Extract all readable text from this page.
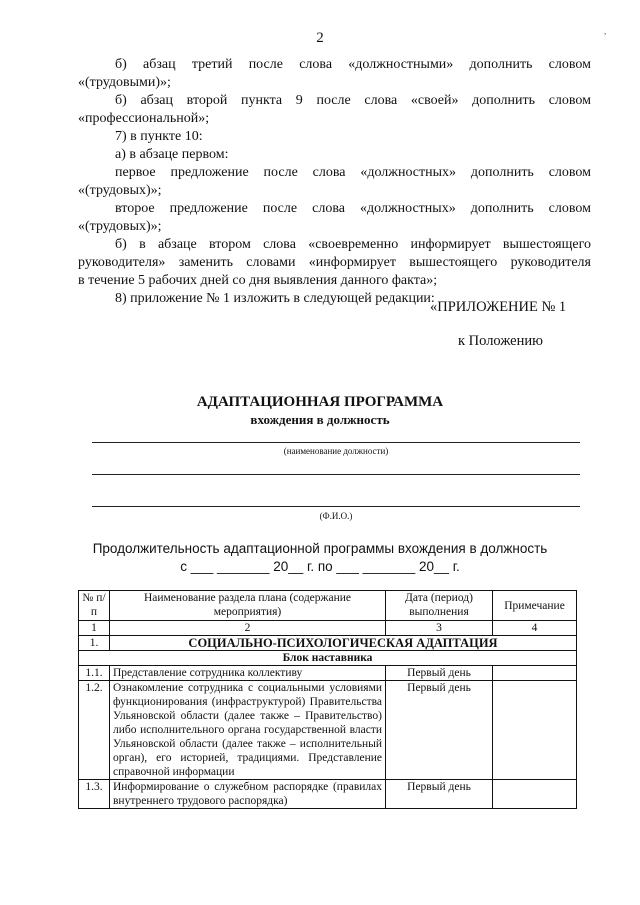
2	,
б) абзац третий после слова «должностными» дополнить словом
«(трудовыми)»;
б) абзац второй пункта 9 после слова «своей» дополнить словом
«профессиональной»;
7) в пункте 10:
а) в абзаце первом:
первое предложение после слова «должностных» дополнить словом
«(трудовых)»;
второе предложение после слова «должностных» дополнить словом
«(трудовых)»;
б) в абзаце втором слова «своевременно информирует вышестоящего
руководителя» заменить словами «информирует вышестоящего руководителя
в течение 5 рабочих дней со дня выявления данного факта»;
8) приложение № 1 изложить в следующей редакции:
«ПРИЛОЖЕНИЕ № 1
к Положению
АДАПТАЦИОННАЯ ПРОГРАММА
вхождения в должность
(наименование должности)
(Ф.И.О.)
Продолжительность адаптационной программы вхождения в должность
с ___ _______ 20__ г. по ___ _______ 20__ г.
№ п/п	Наименование раздела плана (содержание мероприятия)	Дата (период) выполнения	Примечание
1	2	3	4
1.	СОЦИАЛЬНО-ПСИХОЛОГИЧЕСКАЯ АДАПТАЦИЯ		
Блок наставника			
1.1.	Представление сотрудника коллективу	Первый день	
1.2.	Ознакомление сотрудника с социальными условиями функционирования (инфраструктурой) Правительства Ульяновской области (далее также – Правительство) либо исполнительного органа государственной власти Ульяновской области (далее также – исполнительный орган), его историей, традициями. Представление справочной информации	Первый день	
1.3.	Информирование о служебном распорядке (правилах внутреннего трудового распорядка)	Первый день	
